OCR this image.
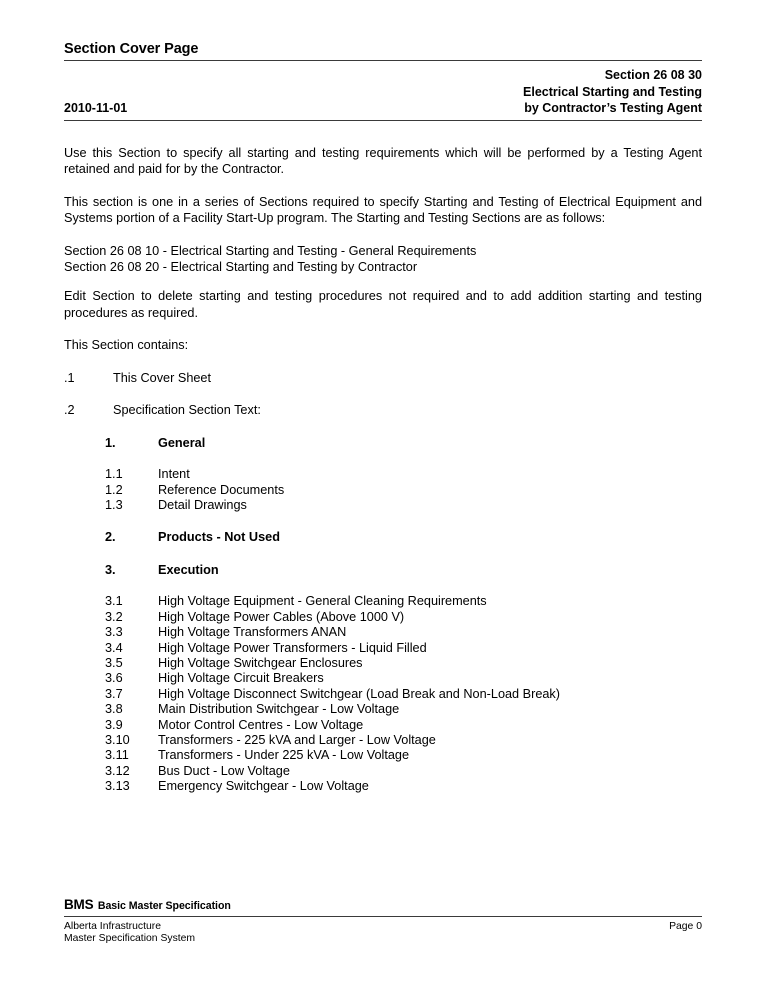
Section Cover Page
2010-11-01
Section 26 08 30
Electrical Starting and Testing
by Contractor’s Testing Agent

Use this Section to specify all starting and testing requirements which will be performed by a Testing Agent retained and paid for by the Contractor.

This section is one in a series of Sections required to specify Starting and Testing of Electrical Equipment and Systems portion of a Facility Start-Up program. The Starting and Testing Sections are as follows:

Section 26 08 10 - Electrical Starting and Testing - General Requirements
Section 26 08 20 - Electrical Starting and Testing by Contractor

Edit Section to delete starting and testing procedures not required and to add addition starting and testing procedures as required.

This Section contains:

.1	This Cover Sheet
.2	Specification Section Text:
1.	General
1.1	Intent
1.2	Reference Documents
1.3	Detail Drawings
2.	Products - Not Used
3.	Execution
3.1	High Voltage Equipment - General Cleaning Requirements
3.2	High Voltage Power Cables (Above 1000 V)
3.3	High Voltage Transformers ANAN
3.4	High Voltage Power Transformers - Liquid Filled
3.5	High Voltage Switchgear Enclosures
3.6	High Voltage Circuit Breakers
3.7	High Voltage Disconnect Switchgear (Load Break and Non-Load Break)
3.8	Main Distribution Switchgear - Low Voltage
3.9	Motor Control Centres - Low Voltage
3.10	Transformers - 225 kVA and Larger - Low Voltage
3.11	Transformers - Under 225 kVA - Low Voltage
3.12	Bus Duct - Low Voltage
3.13	Emergency Switchgear - Low Voltage
BMS Basic Master Specification
Alberta Infrastructure
Master Specification System
Page 0
